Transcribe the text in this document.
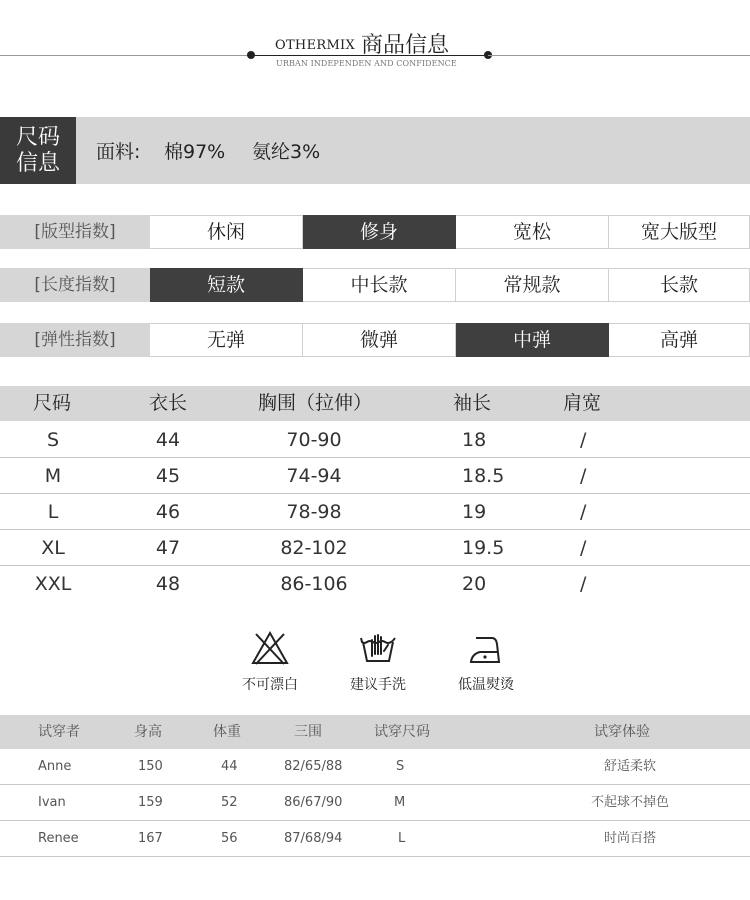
OTHERMIX 商品信息
URBAN INDEPENDEN AND CONFIDENCE
尺码
信息	面料: 棉97% 氨纶3%
[版型指数]	休闲	修身	宽松	宽大版型
[长度指数]	短款	中长款	常规款	长款
[弹性指数]	无弹	微弹	中弹	高弹
尺码	衣长	胸围（拉伸）	袖长	肩宽
S	44	70-90	18	/
M	45	74-94	18.5	/
L	46	78-98	19	/
XL	47	82-102	19.5	/
XXL	48	86-106	20	/
不可漂白	建议手洗	低温熨烫
试穿者	身高	体重	三围	试穿尺码	试穿体验
Anne	150	44	82/65/88	S	舒适柔软
Ivan	159	52	86/67/90	M	不起球不掉色
Renee	167	56	87/68/94	L	时尚百搭
